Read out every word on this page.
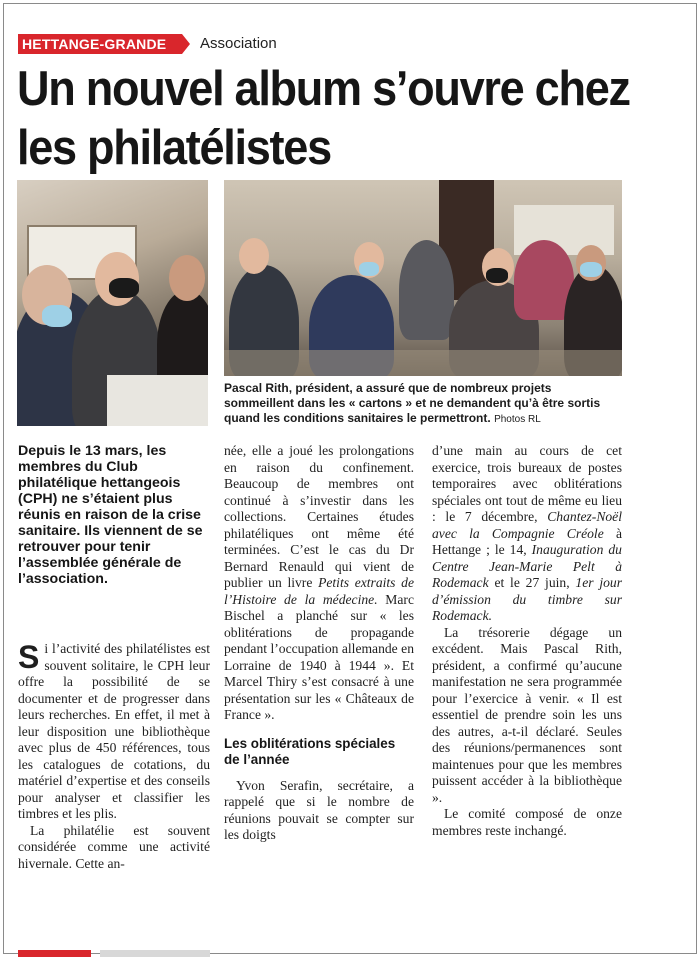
HETTANGE-GRANDE	Association
Un nouvel album s’ouvre chez les philatélistes

Pascal Rith, président, a assuré que de nombreux projets sommeillent dans les « cartons » et ne demandent qu’à être sortis quand les conditions sanitaires le permettront. Photos RL

Depuis le 13 mars, les membres du Club philatélique hettangeois (CPH) ne s’étaient plus réunis en raison de la crise sanitaire. Ils viennent de se retrouver pour tenir l’assemblée générale de l’association.

Si l’activité des philatélistes est souvent solitaire, le CPH leur offre la possibilité de se documenter et de progresser dans leurs recherches. En effet, il met à leur disposition une bibliothèque avec plus de 450 références, tous les catalogues de cotations, du matériel d’expertise et des conseils pour analyser et classifier les timbres et les plis.

La philatélie est souvent considérée comme une activité hivernale. Cette an-

née, elle a joué les prolongations en raison du confinement. Beaucoup de membres ont continué à s’investir dans les collections. Certaines études philatéliques ont même été terminées. C’est le cas du Dr Bernard Renauld qui vient de publier un livre Petits extraits de l’Histoire de la médecine. Marc Bischel a planché sur « les oblitérations de propagande pendant l’occupation allemande en Lorraine de 1940 à 1944 ». Et Marcel Thiry s’est consacré à une présentation sur les « Châteaux de France ».

Les oblitérations spéciales de l’année

Yvon Serafin, secrétaire, a rappelé que si le nombre de réunions pouvait se compter sur les doigts

d’une main au cours de cet exercice, trois bureaux de postes temporaires avec oblitérations spéciales ont tout de même eu lieu : le 7 décembre, Chantez-Noël avec la Compagnie Créole à Hettange ; le 14, Inauguration du Centre Jean-Marie Pelt à Rodemack et le 27 juin, 1er jour d’émission du timbre sur Rodemack.

La trésorerie dégage un excédent. Mais Pascal Rith, président, a confirmé qu’aucune manifestation ne sera programmée pour l’exercice à venir. « Il est essentiel de prendre soin les uns des autres, a-t-il déclaré. Seules des réunions/permanences sont maintenues pour que les membres puissent accéder à la bibliothèque ».

Le comité composé de onze membres reste inchangé.
